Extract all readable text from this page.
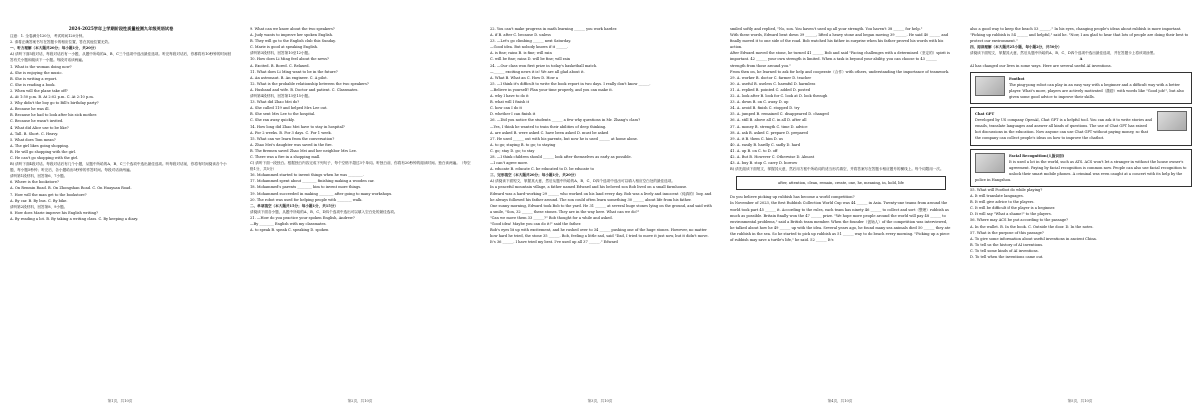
2024-2025学年上学期阶段性质量检测九年级英语试卷
注意：1. 全卷满分120分，考试时间120分钟。
2. 请将正确答案书写在答题卡的相应位置，答在其他位置无效。
一、听力理解（本大题共20分；每小题1分，共20分）
A) 请听下面5段对话，每段对话后有一小题，从题中所给的A、B、C三个选项中选出最佳选项。听完每段对话后，你都将有10秒钟的时间回答有关小题和阅读下一小题。每段对话读两遍。
1. What is the woman doing now?
A. She is enjoying the music.
B. She is writing a report.
C. She is reading a book.
2. When will the plane take off?
A. At 1:50 p.m. B. At 2:02 p.m. C. At 2:10 p.m.
3. Why didn't the boy go to Bill's birthday party?
A. Because he was ill.
B. Because he had to look after his sick mother.
C. Because he wasn't invited.
4. What did Alice use to be like?
A. Tall. B. Short. C. Heavy.
5. What does Tom mean?
A. The girl likes going shopping.
B. He will go shopping with the girl.
C. He can't go shopping with the girl.
B) 请听下面4段对话。每段对话后有几个小题，从题中所给的A、B、C三个选项中选出最佳选项。听每段对话前，你将有时间阅读各个小题，每小题5秒钟；听完后，各小题给出5秒钟的作答时间。每段对话读两遍。
请听第1段材料，回答第6、7小题。
6. Where is the bookstore?
A. On Renmin Road. B. On Zhongshan Road. C. On Huayuan Road.
7. How will the man get to the bookstore?
A. By car. B. By bus. C. By bike.
请听第2段材料，回答第8、9小题。
8. How does Marie improve his English writing?
A. By reading a lot. B. By taking a writing class. C. By keeping a diary.
第1页，共10页
9. What can we know about the two speakers?
A. Judy wants to improve her spoken English.
B. They will go to the English club this Sunday.
C. Marie is good at speaking English.
请听第3段材料，回答第10至12小题。
10. How does Li Ming feel about the news?
A. Excited. B. Bored. C. Relaxed.
11. What does Li Ming want to be in the future?
A. An astronaut. B. An engineer. C. A pilot.
12. What is the probable relationship between the two speakers?
A. Husband and wife. B. Doctor and patient. C. Classmates.
请听第4段材料，回答第13至15小题。
13. What did Zhao Mei do?
A. She called 119 and helped Mrs Lee out.
B. She sent Mrs Lee to the hospital.
C. She ran away quickly.
14. How long did Zhao Mei have to stay in hospital?
A. For 2 weeks. B. For 3 days. C. For 1 week.
15. What can we learn from the conversation?
A. Zhao Mei's daughter was saved in the fire.
B. The firemen saved Zhao Mei and her neighbor Mrs Lee.
C. There was a fire in a shopping mall.
C) 请听下面一段独白。根据独白内容完成下列句子，每个空格不超过3个单词。听独白前，你将有20秒钟的阅读时间。独白读两遍。（每空格1分，共5分）
16. Mohammed started to invent things when he was ________.
17. Mohammed spent about ________ finishing making a wooden car.
18. Mohammed's parents ________ him to invent more things.
19. Mohammed succeeded in making ________ after going to many workshops.
20. The robot was used for helping people with ________ walk.
二、单项填空（本大题共15分；每小题1分，共15分）
请阅读下面各小题，从题中所给的A、B、C、D四个选项中选出可以填入空白处的最佳选项。
21. —How do you practice your spoken English, Andrew?
—By ________ English with my classmates.
A. to speak B. speak C. speaking D. spoken
第2页，共10页
22. You can't make progress in math learning ______ you work harder.
A. if B. after C. because D. unless
23. —Let's go climbing ______ next Saturday.
—Good idea. But nobody knows if it ______.
A. is fine; rains B. is fine; will rain
C. will be fine; rains D. will be fine; will rain
24. —Our class won first prize in today's basketball match.
—______ exciting news it is! We are all glad about it.
A. What B. What an C. How D. How a
25. —I think it's difficult to write the book report in two days. I really don't know ______.
—Believe in yourself! Plan your time properly, and you can make it.
A. why I have to do it
B. what will I finish it
C. how can I do it
D. whether I can finish it
26. —Did you notice the students ______ a few why questions in Mr. Zhang's class?
—Yes, I think he wanted to train their abilities of deep thinking.
A. are asked B. were asked C. have been asked D. must be asked
27. He used ______ out with his parents, but now he is used ______ at home alone.
A. to go; staying B. to go; to staying
C. go; stay D. go; to stay
28. —I think children should ______ look after themselves as early as possible.
—I can't agree more.
A. educate B. educate C. be educated to D. be educate to
三、完形填空（本大题共20分；每小题1分，共20分）
A) 请阅读下面短文，掌握其大意，然后从题中所给的A、B、C、D四个选项中选出可以填入相应空白处的最佳选项。
In a peaceful mountain village, a father named Edward and his beloved son Bob lived on a small farmhouse.
Edward was a hard-working 29 ______ who worked on his land every day. Bob was a lively and innocent（纯真的）boy, and he always followed his father around. The son could often learn something 30 ______ about life from his father.
One sunny morning, Edward took Bob to the yard. He 31 ______ at several huge stones lying on the ground, and said with a smile, "Son, 32 ______ these stones. They are in the way here. What can we do?"
"Can we move them 33 ______?" Bob thought for a while and asked.
"Good idea! Maybe you can do it!" said the father.
Bob's eyes lit up with excitement, and he rushed over to 34 ______ pushing one of the huge stones. However, no matter how hard he tried, the stone 35 ______. Bob, feeling a little sad, said "Dad, I tried to move it just now, but it didn't move. It's 36 ______. I have tried my best. I've used up all 37 ______." Edward
第3页，共10页
smiled softly and replied, "No, son. You haven't used up all your strength. You haven't 38 ______ for help."
With these words, Edward bent down 39 ______, lifted a heavy stone and began moving 39 ______. He said 40 ______ and finally moved it to one side of the road. Bob watched his father in surprise when his father proved his words with his action.
After Edward moved the stone, he turned 41 ______ Bob and said "Facing challenges with a determined（坚定的）spirit is important. 42 ______ your own strength is limited. When a task is beyond your ability, you can choose to 43 ______ strength from those around you."
From then on, he learned to ask for help and cooperate（合作）with others, understanding the importance of teamwork.
29. A. worker B. doctor C. farmer D. teacher
30. A. useful B. useless C. harmful D. harmless
31. A. replied B. pointed C. added D. posted
32. A. look after B. look for C. look at D. look through
33. A. down B. on C. away D. up
34. A. avoid B. finish C. stopped D. try
35. A. jumped B. remained C. disappeared D. changed
36. A. still B. above all C. in all D. after all
37. A. money B. strength C. time D. advice
38. A. ask B. asked C. prepare D. prepared
39. A. it B. them C. him D. us
40. A. easily B. hardly C. sadly D. hard
41. A. up B. on C. to D. off
42. A. But B. However C. Otherwise D. Almost
43. A. buy B. stop C. carry D. borrow
B) 请先阅读下面短文，掌握其大意，然后用方框中所给词的适当形式填空，并将答案写在答题卡相应题号的横线上。每个词限用一次。
after, attention, clean, remain, create, one, he, meaning, in, hold, life
Do you believe picking up rubbish has become a world competition?
In November of 2023, the first Rubbish Collection World Cup was 44 ______ in Asia. Twenty-one teams from around the world took part 45 ______ it. According to the rules, each team has ninety 46 ______ to collect and sort（整理）rubbish as much as possible. Britain finally won the 47 ______ prize. "We hope more people around the world will pay 48 ______ to environmental problems," said a British team member. When the founder（创始人）of the competition was interviewed, he talked about how he 49 ______ up with the idea. Several years ago, he found many sea animals died 50 ______ they ate the rubbish in the sea. So he started to pick up rubbish as 51 ______ way to do beach every morning. "Picking up a piece of rubbish may save a turtle's life," he said. 52 ______ It's
第4页，共10页
also a good way to keep the beach 53 ______." In his eyes, changing people's ideas about rubbish is more important.
"Picking up rubbish is 54 ______ and helpful," said he. "Now, I am glad to hear that lots of people are doing their best to protect our environment."
四、阅读理解（本大题共25小题，每小题2分，共50分）
请阅读下面短文，掌握其大意，然后从题中所给的A、B、C、D四个选项中选出最佳选项，并在答题卡上将该项涂黑。
A
AI has changed our lives in some ways. Here are several useful AI inventions.
Footbot
The ping-pong robot can play in an easy way with a beginner and a difficult way with a better player. What's more, players are actively motivated（激励）with words like "Good job!", but also given some good advice to improve their skills.
Chat GPT
Developed by US company OpenAI, Chat GPT is a helpful tool. You can ask it to write stories and emails, translate languages and answer all kinds of questions. The use of Chat GPT has raised hot discussions in the education. Now anyone can use Chat GPT without paying money, so that the company can collect people's ideas on how to improve the chatbot.
Facial Recognition(人脸识别)
It is used a lot in the world, such as ATS. ACS won't let a stranger in without the house owner's agreement. Paying by facial recognition is common now. People can also use facial recognition to unlock their smart mobile phones. A criminal was even caught at a concert with its help by the police in Hangzhou.
55. What will Footbot do while playing?
A. It will translate languages.
B. It will give advice to the players.
C. It will be difficult if the player is a beginner.
D. It will say "What a shame!" to the players.
56. Where may ACS be put according to the passage?
A. In the wallet. B. In the book. C. Outside the door. D. In the notes.
57. What is the purpose of this passage?
A. To give some information about useful inventions in ancient China.
B. To tell us the history of AI inventions.
C. To tell some kinds of AI inventions.
D. To tell when the inventions came out.
第5页，共10页
